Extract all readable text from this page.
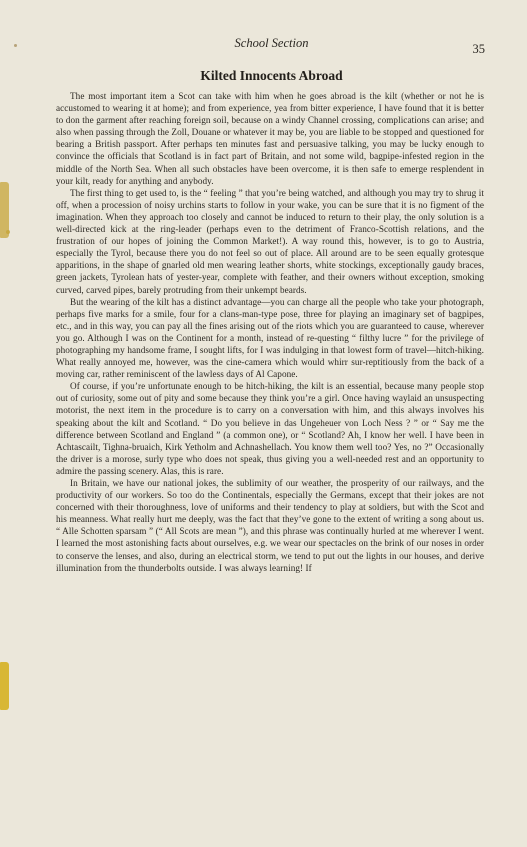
School Section	35
Kilted Innocents Abroad

The most important item a Scot can take with him when he goes abroad is the kilt (whether or not he is accustomed to wearing it at home); and from experience, yea from bitter experience, I have found that it is better to don the garment after reaching foreign soil, because on a windy Channel crossing, complications can arise; and also when passing through the Zoll, Douane or whatever it may be, you are liable to be stopped and questioned for bearing a British passport. After perhaps ten minutes fast and persuasive talking, you may be lucky enough to convince the officials that Scotland is in fact part of Britain, and not some wild, bagpipe-infested region in the middle of the North Sea. When all such obstacles have been overcome, it is then safe to emerge resplendent in your kilt, ready for anything and anybody.

The first thing to get used to, is the “ feeling ” that you’re being watched, and although you may try to shrug it off, when a procession of noisy urchins starts to follow in your wake, you can be sure that it is no figment of the imagination. When they approach too closely and cannot be induced to return to their play, the only solution is a well-directed kick at the ring-leader (perhaps even to the detriment of Franco-Scottish relations, and the frustration of our hopes of joining the Common Market!). A way round this, however, is to go to Austria, especially the Tyrol, because there you do not feel so out of place. All around are to be seen equally grotesque apparitions, in the shape of gnarled old men wearing leather shorts, white stockings, exceptionally gaudy braces, green jackets, Tyrolean hats of yester-year, complete with feather, and their owners without exception, smoking curved, carved pipes, barely protruding from their unkempt beards.

But the wearing of the kilt has a distinct advantage—you can charge all the people who take your photograph, perhaps five marks for a smile, four for a clans-man-type pose, three for playing an imaginary set of bagpipes, etc., and in this way, you can pay all the fines arising out of the riots which you are guaranteed to cause, wherever you go. Although I was on the Continent for a month, instead of re-questing “ filthy lucre ” for the privilege of photographing my handsome frame, I sought lifts, for I was indulging in that lowest form of travel—hitch-hiking. What really annoyed me, however, was the cine-camera which would whirr sur-reptitiously from the back of a moving car, rather reminiscent of the lawless days of Al Capone.

Of course, if you’re unfortunate enough to be hitch-hiking, the kilt is an essential, because many people stop out of curiosity, some out of pity and some because they think you’re a girl. Once having waylaid an unsuspecting motorist, the next item in the procedure is to carry on a conversation with him, and this always involves his speaking about the kilt and Scotland. “ Do you believe in das Ungeheuer von Loch Ness ? ” or “ Say me the difference between Scotland and England ” (a common one), or “ Scotland? Ah, I know her well. I have been in Achtascailt, Tighna-bruaich, Kirk Yetholm and Achnashellach. You know them well too? Yes, no ?” Occasionally the driver is a morose, surly type who does not speak, thus giving you a well-needed rest and an opportunity to admire the passing scenery. Alas, this is rare.

In Britain, we have our national jokes, the sublimity of our weather, the prosperity of our railways, and the productivity of our workers. So too do the Continentals, especially the Germans, except that their jokes are not concerned with their thoroughness, love of uniforms and their tendency to play at soldiers, but with the Scot and his meanness. What really hurt me deeply, was the fact that they’ve gone to the extent of writing a song about us. “ Alle Schotten sparsam ” (“ All Scots are mean ”), and this phrase was continually hurled at me wherever I went. I learned the most astonishing facts about ourselves, e.g. we wear our spectacles on the brink of our noses in order to conserve the lenses, and also, during an electrical storm, we tend to put out the lights in our houses, and derive illumination from the thunderbolts outside. I was always learning! If
